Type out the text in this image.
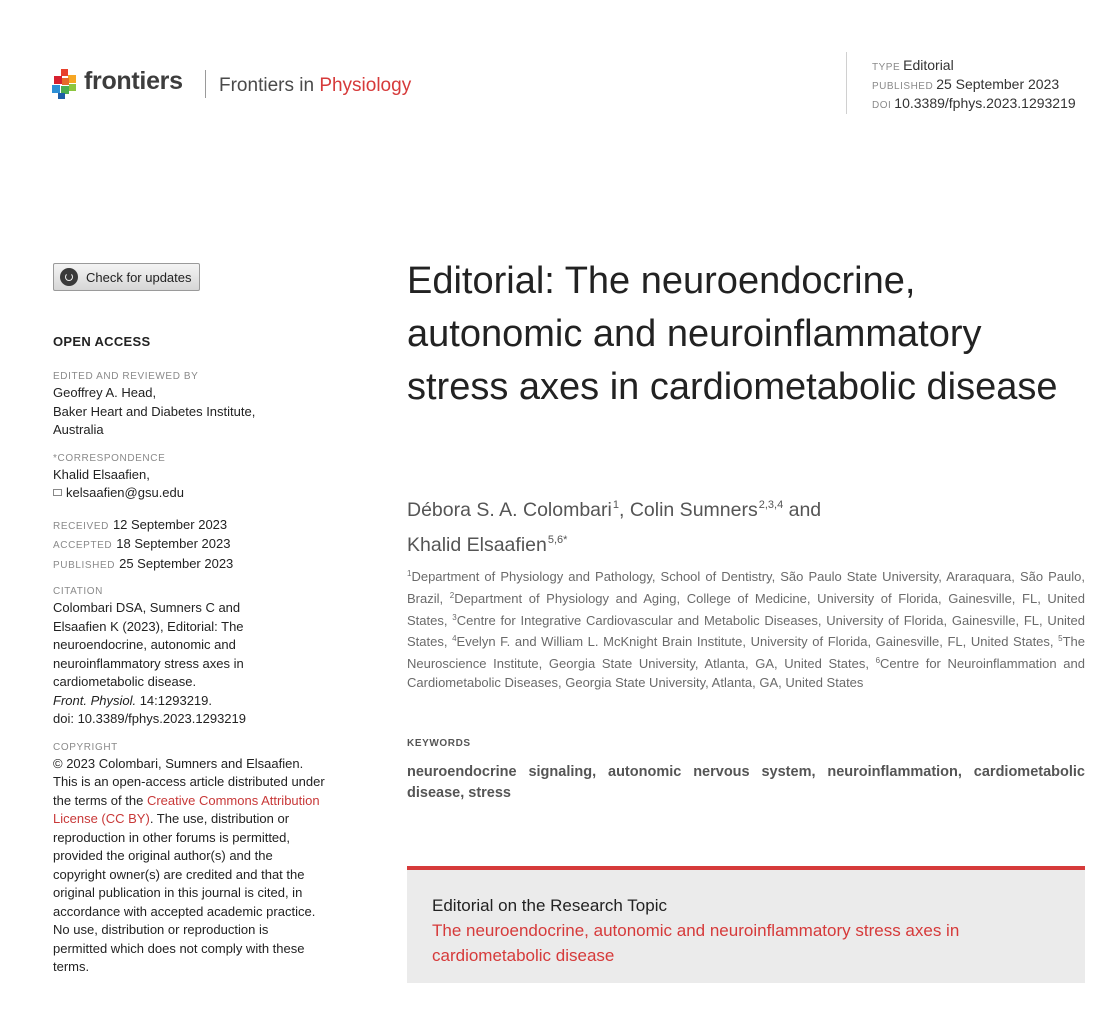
frontiers Frontiers in Physiology
TYPE Editorial
PUBLISHED 25 September 2023
DOI 10.3389/fphys.2023.1293219
Check for updates
OPEN ACCESS
EDITED AND REVIEWED BY
Geoffrey A. Head,
Baker Heart and Diabetes Institute, Australia
*CORRESPONDENCE
Khalid Elsaafien,
kelsaafien@gsu.edu
RECEIVED 12 September 2023
ACCEPTED 18 September 2023
PUBLISHED 25 September 2023
CITATION
Colombari DSA, Sumners C and Elsaafien K (2023), Editorial: The neuroendocrine, autonomic and neuroinflammatory stress axes in cardiometabolic disease.
Front. Physiol. 14:1293219.
doi: 10.3389/fphys.2023.1293219
COPYRIGHT
© 2023 Colombari, Sumners and Elsaafien. This is an open-access article distributed under the terms of the Creative Commons Attribution License (CC BY). The use, distribution or reproduction in other forums is permitted, provided the original author(s) and the copyright owner(s) are credited and that the original publication in this journal is cited, in accordance with accepted academic practice. No use, distribution or reproduction is permitted which does not comply with these terms.
Editorial: The neuroendocrine, autonomic and neuroinflammatory stress axes in cardiometabolic disease
Débora S. A. Colombari$^1$, Colin Sumners$^{2,3,4}$ and
Khalid Elsaafien$^{5,6*}$
$^1$Department of Physiology and Pathology, School of Dentistry, São Paulo State University, Araraquara, São Paulo, Brazil, $^2$Department of Physiology and Aging, College of Medicine, University of Florida, Gainesville, FL, United States, $^3$Centre for Integrative Cardiovascular and Metabolic Diseases, University of Florida, Gainesville, FL, United States, $^4$Evelyn F. and William L. McKnight Brain Institute, University of Florida, Gainesville, FL, United States, $^5$The Neuroscience Institute, Georgia State University, Atlanta, GA, United States, $^6$Centre for Neuroinflammation and Cardiometabolic Diseases, Georgia State University, Atlanta, GA, United States
KEYWORDS
neuroendocrine signaling, autonomic nervous system, neuroinflammation, cardiometabolic disease, stress
Editorial on the Research Topic
The neuroendocrine, autonomic and neuroinflammatory stress axes in cardiometabolic disease
